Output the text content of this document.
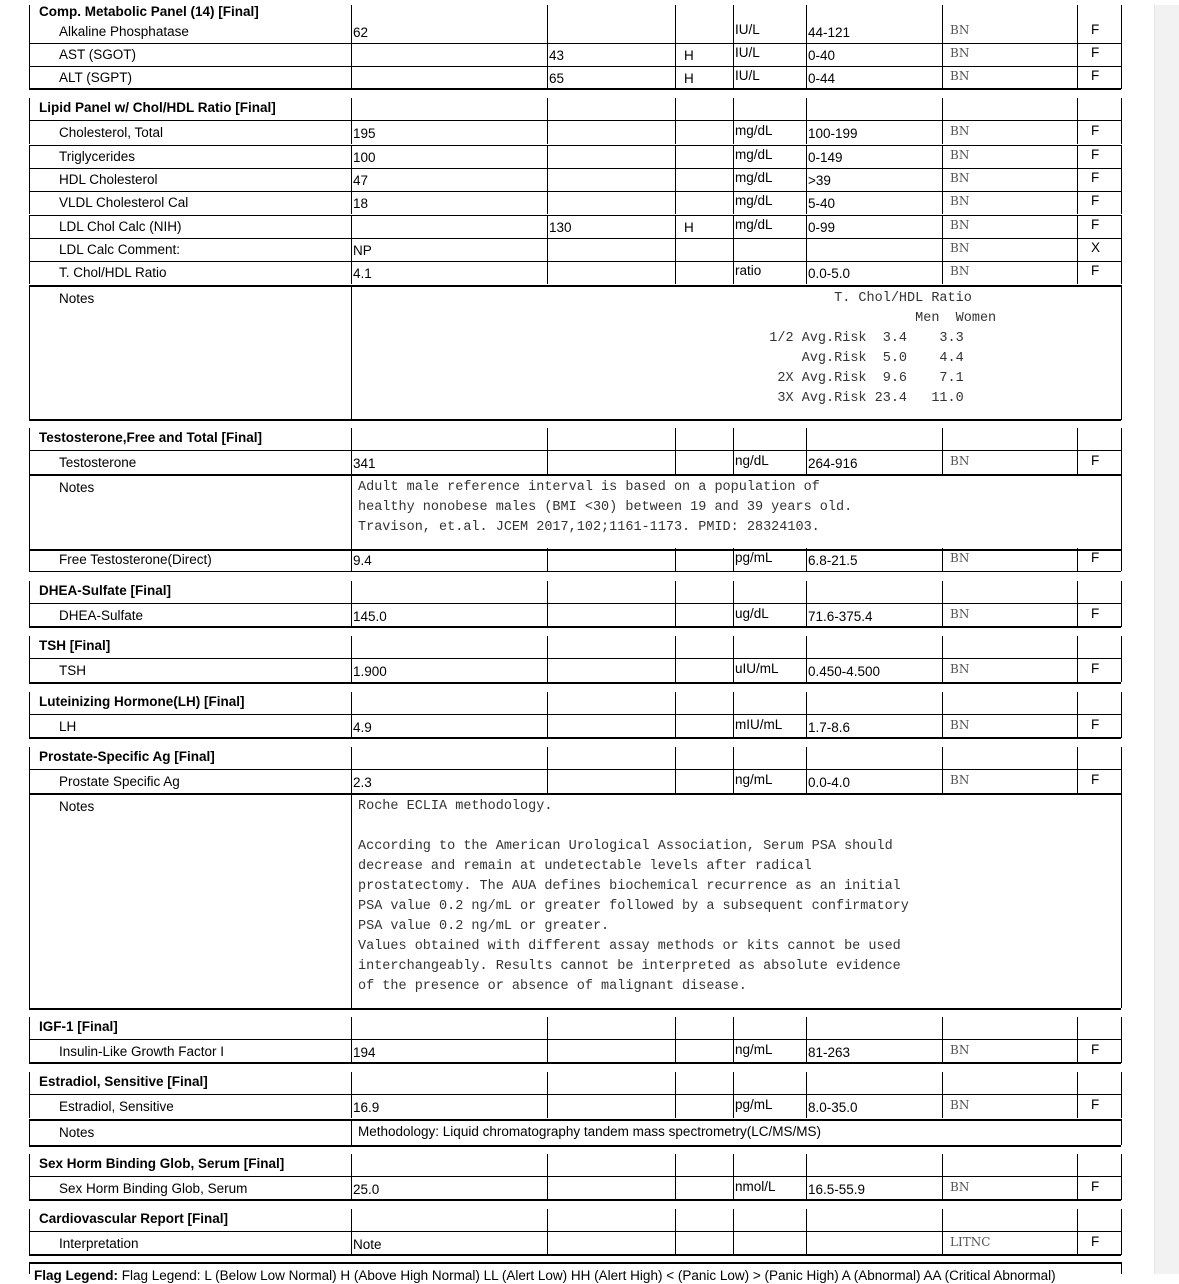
Comp. Metabolic Panel (14) [Final]
Alkaline Phosphatase	62	IU/L	44-121	BN	F
AST (SGOT)	43	H	IU/L	0-40	BN	F
ALT (SGPT)	65	H	IU/L	0-44	BN	F
Lipid Panel w/ Chol/HDL Ratio [Final]
Cholesterol, Total	195	mg/dL	100-199	BN	F
Triglycerides	100	mg/dL	0-149	BN	F
HDL Cholesterol	47	mg/dL	>39	BN	F
VLDL Cholesterol Cal	18	mg/dL	5-40	BN	F
LDL Chol Calc (NIH)	130	H	mg/dL	0-99	BN	F
LDL Calc Comment:	NP	BN	X
T. Chol/HDL Ratio	4.1	ratio	0.0-5.0	BN	F
Notes	T. Chol/HDL Ratio
Men  Women
1/2 Avg.Risk  3.4    3.3
Avg.Risk  5.0    4.4
2X Avg.Risk  9.6    7.1
3X Avg.Risk 23.4   11.0
Testosterone,Free and Total [Final]
Testosterone	341	ng/dL	264-916	BN	F
Notes	Adult male reference interval is based on a population of
healthy nonobese males (BMI <30) between 19 and 39 years old.
Travison, et.al. JCEM 2017,102;1161-1173. PMID: 28324103.
Free Testosterone(Direct)	9.4	pg/mL	6.8-21.5	BN	F
DHEA-Sulfate [Final]
DHEA-Sulfate	145.0	ug/dL	71.6-375.4	BN	F
TSH [Final]
TSH	1.900	uIU/mL 0.450-4.500	BN	F
Luteinizing Hormone(LH) [Final]
LH	4.9	mIU/mL 1.7-8.6	BN	F
Prostate-Specific Ag [Final]
Prostate Specific Ag	2.3	ng/mL	0.0-4.0	BN	F
Notes	Roche ECLIA methodology.

According to the American Urological Association, Serum PSA should
decrease and remain at undetectable levels after radical
prostatectomy. The AUA defines biochemical recurrence as an initial
PSA value 0.2 ng/mL or greater followed by a subsequent confirmatory
PSA value 0.2 ng/mL or greater.
Values obtained with different assay methods or kits cannot be used
interchangeably. Results cannot be interpreted as absolute evidence
of the presence or absence of malignant disease.
IGF-1 [Final]
Insulin-Like Growth Factor I	194	ng/mL	81-263	BN	F
Estradiol, Sensitive [Final]
Estradiol, Sensitive	16.9	pg/mL	8.0-35.0	BN	F
Notes	Methodology: Liquid chromatography tandem mass spectrometry(LC/MS/MS)
Sex Horm Binding Glob, Serum [Final]
Sex Horm Binding Glob, Serum	25.0	nmol/L 16.5-55.9	BN	F
Cardiovascular Report [Final]
Interpretation	Note	LITNC	F
Flag Legend: Flag Legend: L (Below Low Normal) H (Above High Normal) LL (Alert Low) HH (Alert High) < (Panic Low) > (Panic High) A (Abnormal) AA (Critical Abnormal)
